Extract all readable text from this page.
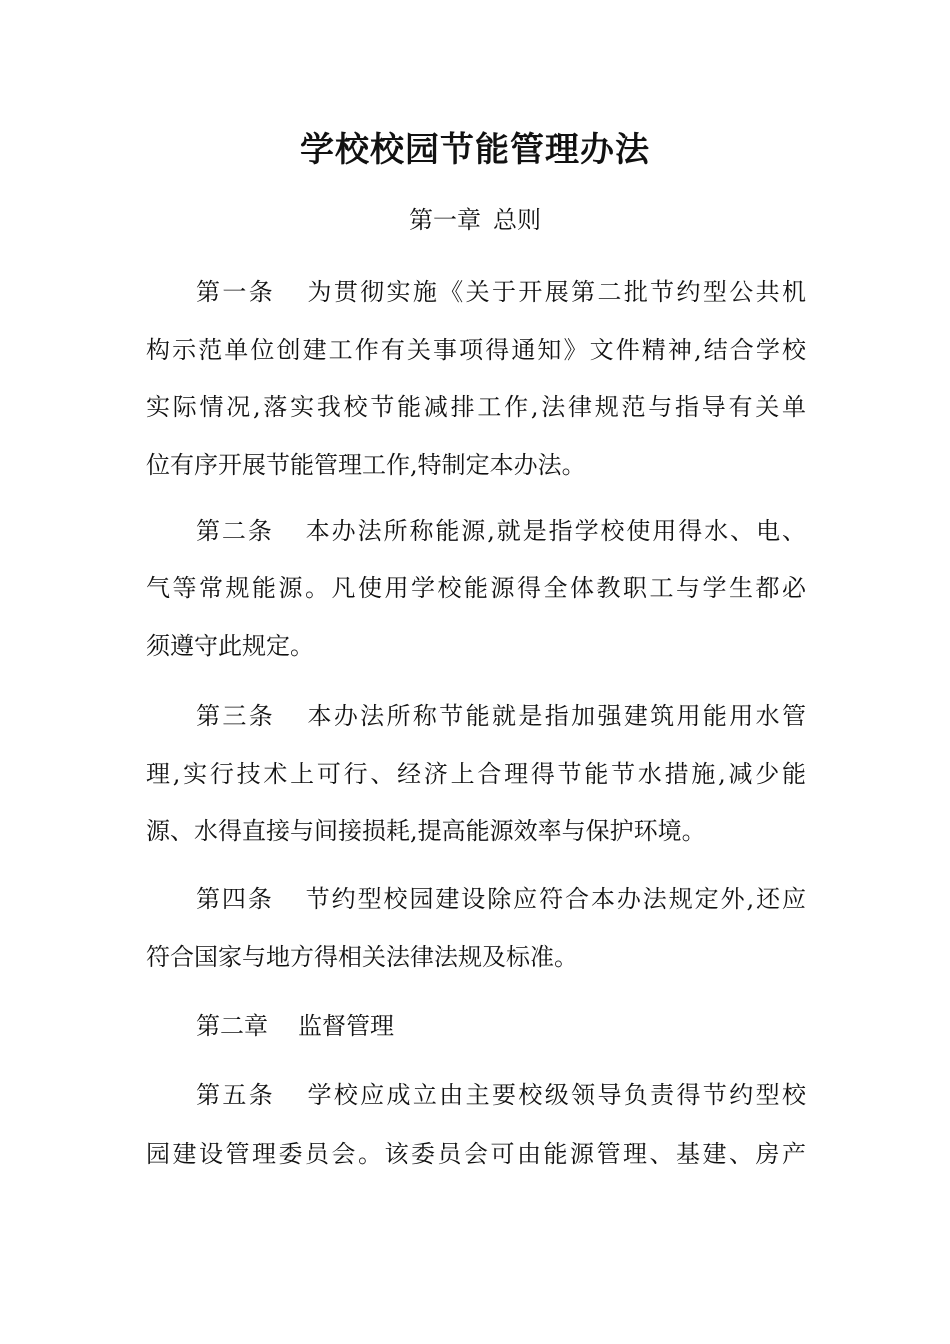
学校校园节能管理办法
第一章 总则
第一条 为贯彻实施《关于开展第二批节约型公共机
构示范单位创建工作有关事项得通知》文件精神,结合学校
实际情况,落实我校节能减排工作,法律规范与指导有关单
位有序开展节能管理工作,特制定本办法。
第二条 本办法所称能源,就是指学校使用得水、电、
气等常规能源。凡使用学校能源得全体教职工与学生都必
须遵守此规定。
第三条 本办法所称节能就是指加强建筑用能用水管
理,实行技术上可行、经济上合理得节能节水措施,减少能
源、水得直接与间接损耗,提高能源效率与保护环境。
第四条 节约型校园建设除应符合本办法规定外,还应
符合国家与地方得相关法律法规及标准。
第二章 监督管理
第五条 学校应成立由主要校级领导负责得节约型校
园建设管理委员会。该委员会可由能源管理、基建、房产
